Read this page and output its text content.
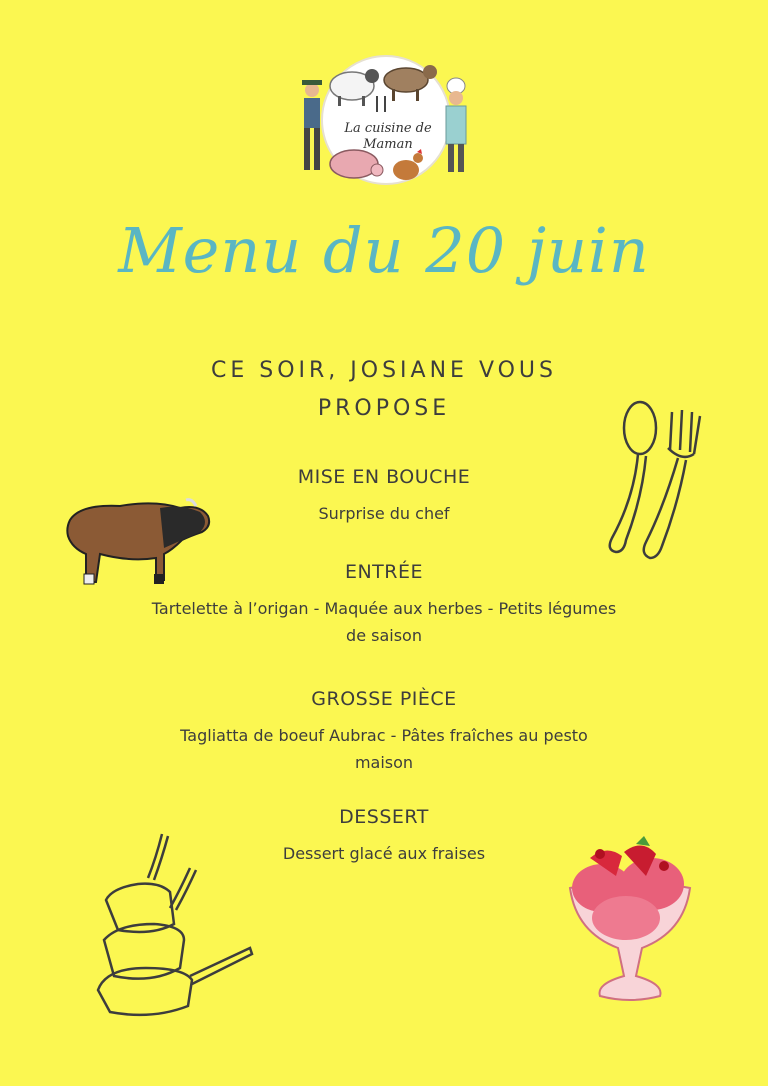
La cuisine de
Maman
Menu du 20 juin
CE SOIR, JOSIANE VOUS PROPOSE
MISE EN BOUCHE
Surprise du chef
ENTRÉE
Tartelette à l’origan - Maquée aux herbes - Petits légumes de saison
GROSSE PIÈCE
Tagliatta de boeuf Aubrac - Pâtes fraîches au pesto maison
DESSERT
Dessert glacé aux fraises
